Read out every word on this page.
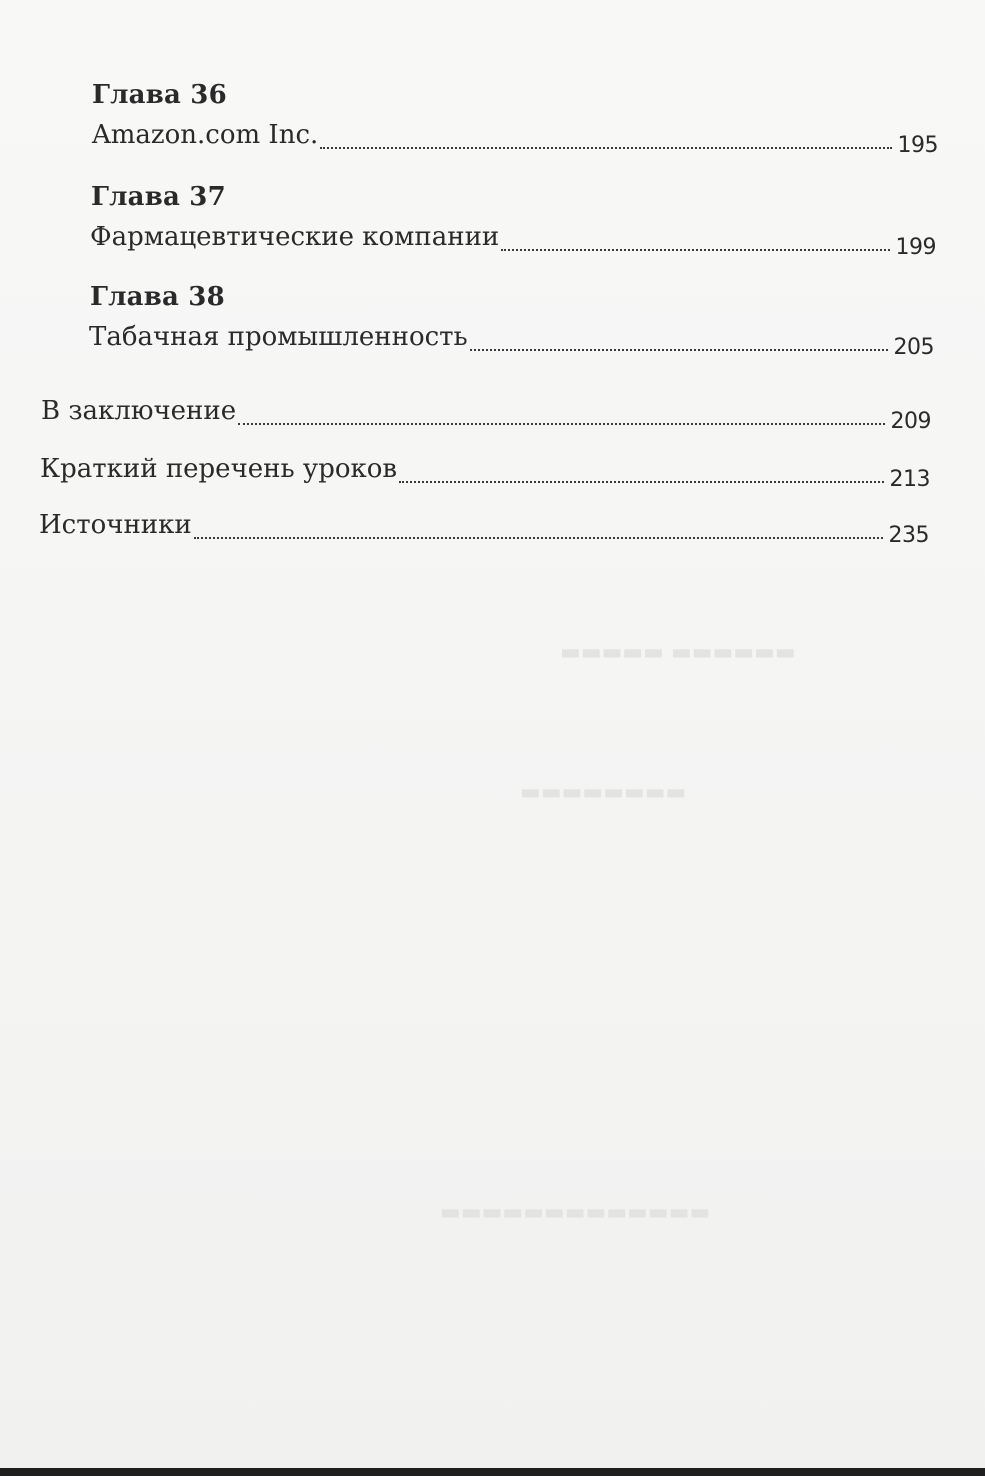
▬▬▬▬▬▬ ▬▬▬▬▬
▬▬▬▬▬▬▬▬
▬▬▬▬▬▬▬▬▬▬▬▬▬
Глава 36
Amazon.com Inc.	195
Глава 37
Фармацевтические компании	199
Глава 38
Табачная промышленность	205
В заключение	209
Краткий перечень уроков	213
Источники	235
